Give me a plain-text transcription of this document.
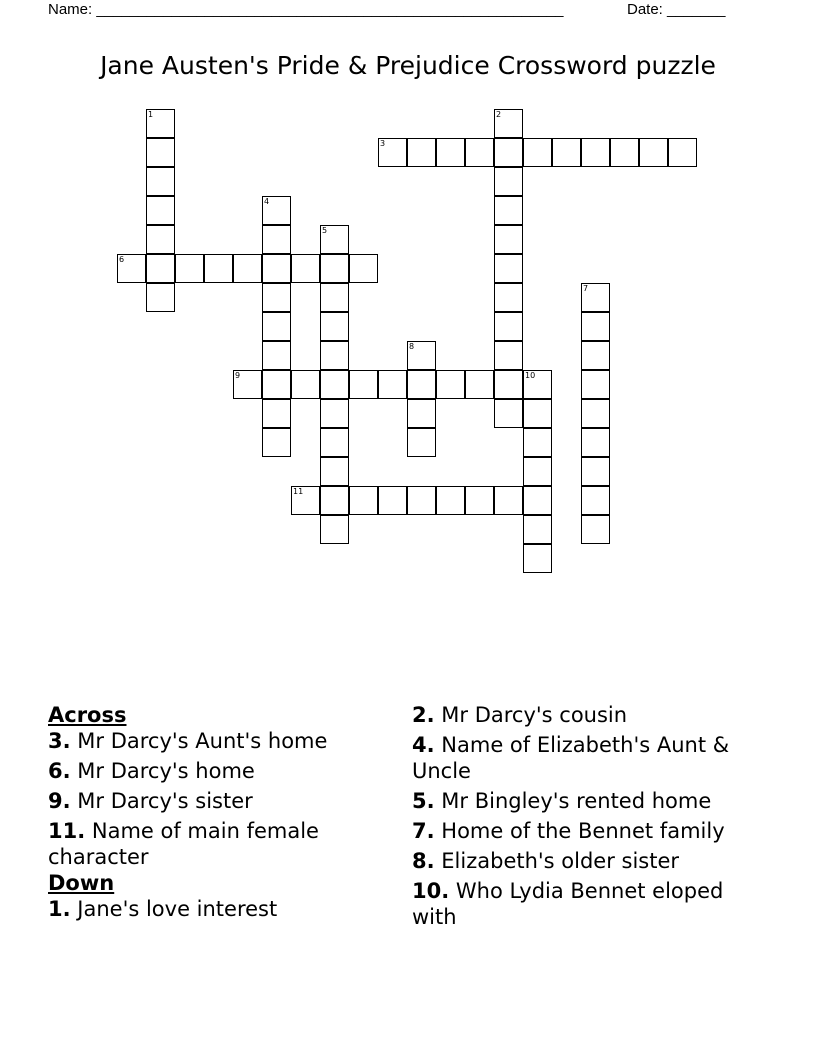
Name: ________________________________________________________	Date: _______
Jane Austen's Pride & Prejudice Crossword puzzle
1	2
3
4
5
6
7
8
9	10
11
Across
3. Mr Darcy's Aunt's home
6. Mr Darcy's home
9. Mr Darcy's sister
11. Name of main female character
Down
1. Jane's love interest
2. Mr Darcy's cousin
4. Name of Elizabeth's Aunt & Uncle
5. Mr Bingley's rented home
7. Home of the Bennet family
8. Elizabeth's older sister
10. Who Lydia Bennet eloped with
